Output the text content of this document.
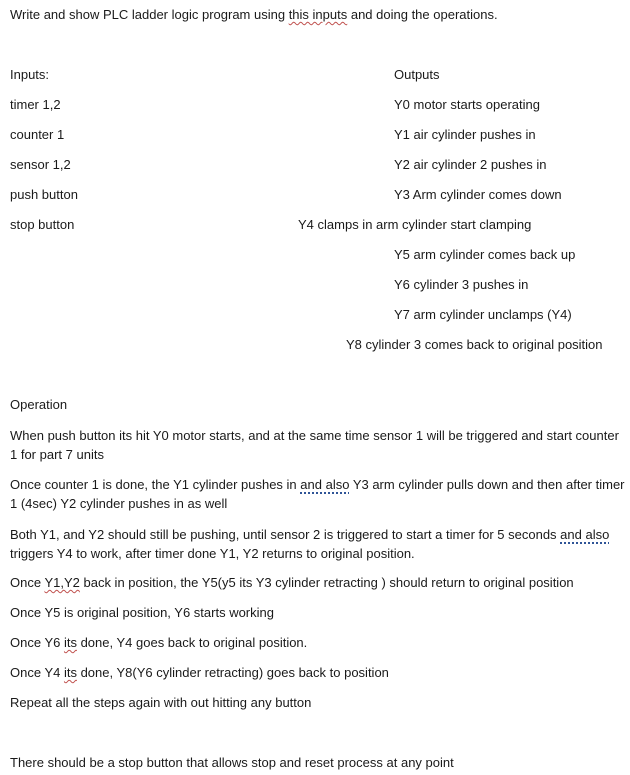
Write and show PLC ladder logic program using this inputs and doing the operations.
Inputs:
timer 1,2
counter 1
sensor 1,2
push button
stop button
Outputs
Y0 motor starts operating
Y1 air cylinder pushes in
Y2 air cylinder 2 pushes in
Y3 Arm cylinder comes down
Y4 clamps in arm cylinder start clamping
Y5 arm cylinder comes back up
Y6 cylinder 3 pushes in
Y7 arm cylinder unclamps (Y4)
Y8 cylinder 3 comes back to original position
Operation
When push button its hit Y0 motor starts, and at the same time sensor 1 will be triggered and start counter 1 for part 7 units
Once counter 1 is done, the Y1 cylinder pushes in and also Y3 arm cylinder pulls down and then after timer 1 (4sec) Y2 cylinder pushes in as well
Both Y1, and Y2 should still be pushing, until sensor 2 is triggered to start a timer for 5 seconds and also triggers Y4 to work, after timer done Y1, Y2 returns to original position.
Once Y1,Y2 back in position, the Y5(y5 its Y3 cylinder retracting ) should return to original position
Once Y5 is original position, Y6 starts working
Once Y6 its done, Y4 goes back to original position.
Once Y4 its done, Y8(Y6 cylinder retracting) goes back to position
Repeat all the steps again with out hitting any button
There should be a stop button that allows stop and reset process at any point
